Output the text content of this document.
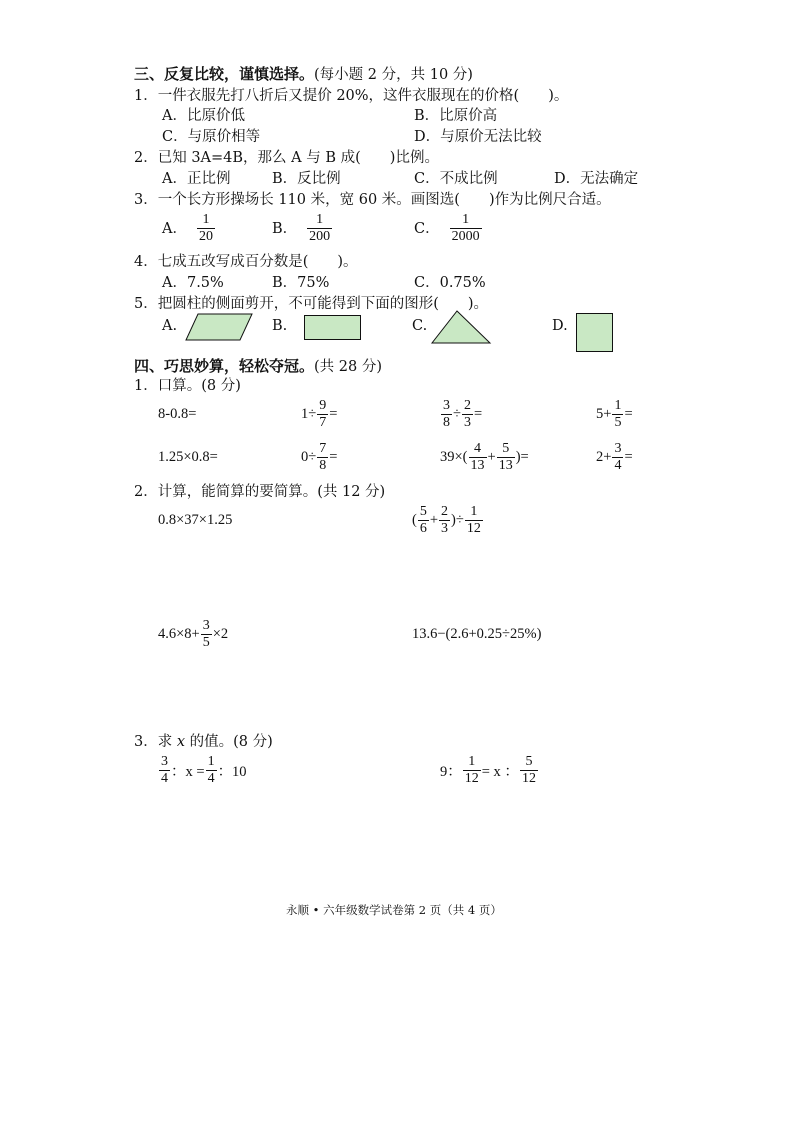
三、反复比较，谨慎选择。(每小题 2 分，共 10 分)
1．一件衣服先打八折后又提价 20%，这件衣服现在的价格(　　)。
A．比原价低	B．比原价高
C．与原价相等	D．与原价无法比较
2．已知 3A=4B，那么 A 与 B 成(　　)比例。
A．正比例	B．反比例	C．不成比例	D．无法确定
3．一个长方形操场长 110 米，宽 60 米。画图选(　　)作为比例尺合适。
A． $\frac{1}{20}$	B． $\frac{1}{200}$	C． $\frac{1}{2000}$
4．七成五改写成百分数是(　　)。
A．7.5%	B．75%	C．0.75%
5．把圆柱的侧面剪开，不可能得到下面的图形(　　)。
A.	B.	C.	D.
四、巧思妙算，轻松夺冠。(共 28 分)
1．口算。(8 分)
8-0.8=	$1\div \frac{9}{7}$ =	$\frac{3}{8} \div \frac{2}{3}$ =	$5+ \frac{1}{5}$ =
1.25×0.8=	$0\div \frac{7}{8}$ =	$39\times( \frac{4}{13} + \frac{5}{13}$ )=	$2+ \frac{3}{4}$ =
2．计算，能简算的要简算。(共 12 分)
0.8×37×1.25	( $\frac{5}{6} + \frac{2}{3}$ )÷ $\frac{1}{12}$
$4.6\times 8+ \frac{3}{5} \times 2$	13.6−(2.6+0.25÷25%)
3．求 x 的值。(8 分)
$\frac{3}{4}$ ：$x = \frac{1}{4}$ ：10	9： $\frac{1}{12} = x$ ： $\frac{5}{12}$
永顺 • 六年级数学试卷第 2 页（共 4 页）
